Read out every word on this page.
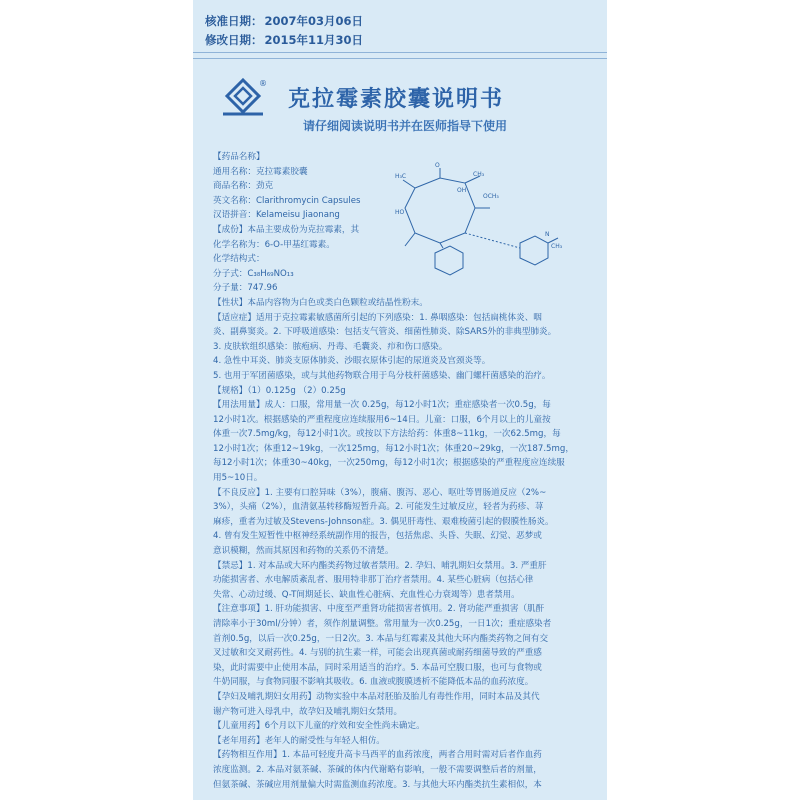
核准日期： 2007年03月06日
修改日期： 2015年11月30日
®
克拉霉素胶囊说明书
请仔细阅读说明书并在医师指导下使用
O
OH
OCH₃
H₃C	CH₃
HO
N
CH₃
【药品名称】
通用名称：克拉霉素胶囊
商品名称：劲克
英文名称：Clarithromycin Capsules
汉语拼音：Kelameisu Jiaonang
【成份】本品主要成份为克拉霉素，其
化学名称为：6-O-甲基红霉素。
化学结构式：
分子式：C₃₈H₆₉NO₁₃
分子量：747.96
【性状】本品内容物为白色或类白色颗粒或结晶性粉末。
【适应症】适用于克拉霉素敏感菌所引起的下列感染：1. 鼻咽感染：包括扁桃体炎、咽
炎、副鼻窦炎。2. 下呼吸道感染：包括支气管炎、细菌性肺炎、除SARS外的非典型肺炎。
3. 皮肤软组织感染：脓疱病、丹毒、毛囊炎、疖和伤口感染。
4. 急性中耳炎、肺炎支原体肺炎、沙眼衣原体引起的尿道炎及宫颈炎等。
5. 也用于军团菌感染，或与其他药物联合用于鸟分枝杆菌感染、幽门螺杆菌感染的治疗。
【规格】（1）0.125g （2）0.25g
【用法用量】成人：口服，常用量一次 0.25g，每12小时1次；重症感染者一次0.5g，每
12小时1次。根据感染的严重程度应连续服用6~14日。儿童：口服，6个月以上的儿童按
体重一次7.5mg/kg，每12小时1次。或按以下方法给药：体重8~11kg，一次62.5mg，每
12小时1次；体重12~19kg，一次125mg，每12小时1次；体重20~29kg，一次187.5mg，
每12小时1次；体重30~40kg，一次250mg，每12小时1次；根据感染的严重程度应连续服
用5~10日。
【不良反应】1. 主要有口腔异味（3%），腹痛、腹泻、恶心、呕吐等胃肠道反应（2%~
3%），头痛（2%），血清氨基转移酶短暂升高。2. 可能发生过敏反应，轻者为药疹、荨
麻疹，重者为过敏及Stevens-Johnson症。3. 偶见肝毒性、艰难梭菌引起的假膜性肠炎。
4. 曾有发生短暂性中枢神经系统副作用的报告，包括焦虑、头昏、失眠、幻觉、恶梦或
意识模糊，然而其原因和药物的关系仍不清楚。
【禁忌】1. 对本品或大环内酯类药物过敏者禁用。2. 孕妇、哺乳期妇女禁用。3. 严重肝
功能损害者、水电解质紊乱者、服用特非那丁治疗者禁用。4. 某些心脏病（包括心律
失常、心动过缓、Q-T间期延长、缺血性心脏病、充血性心力衰竭等）患者禁用。
【注意事项】1. 肝功能损害、中度至严重肾功能损害者慎用。2. 肾功能严重损害（肌酐
清除率小于30ml/分钟）者，须作剂量调整。常用量为一次0.25g，一日1次；重症感染者
首剂0.5g，以后一次0.25g，一日2次。3. 本品与红霉素及其他大环内酯类药物之间有交
叉过敏和交叉耐药性。4. 与别的抗生素一样，可能会出现真菌或耐药细菌导致的严重感
染，此时需要中止使用本品，同时采用适当的治疗。5. 本品可空腹口服，也可与食物或
牛奶同服，与食物同服不影响其吸收。6. 血液或腹膜透析不能降低本品的血药浓度。
【孕妇及哺乳期妇女用药】动物实验中本品对胚胎及胎儿有毒性作用，同时本品及其代
谢产物可进入母乳中，故孕妇及哺乳期妇女禁用。
【儿童用药】6个月以下儿童的疗效和安全性尚未确定。
【老年用药】老年人的耐受性与年轻人相仿。
【药物相互作用】1. 本品可轻度升高卡马西平的血药浓度，两者合用时需对后者作血药
浓度监测。2. 本品对氨茶碱、茶碱的体内代谢略有影响，一般不需要调整后者的剂量，
但氨茶碱、茶碱应用剂量偏大时需监测血药浓度。3. 与其他大环内酯类抗生素相似，本
